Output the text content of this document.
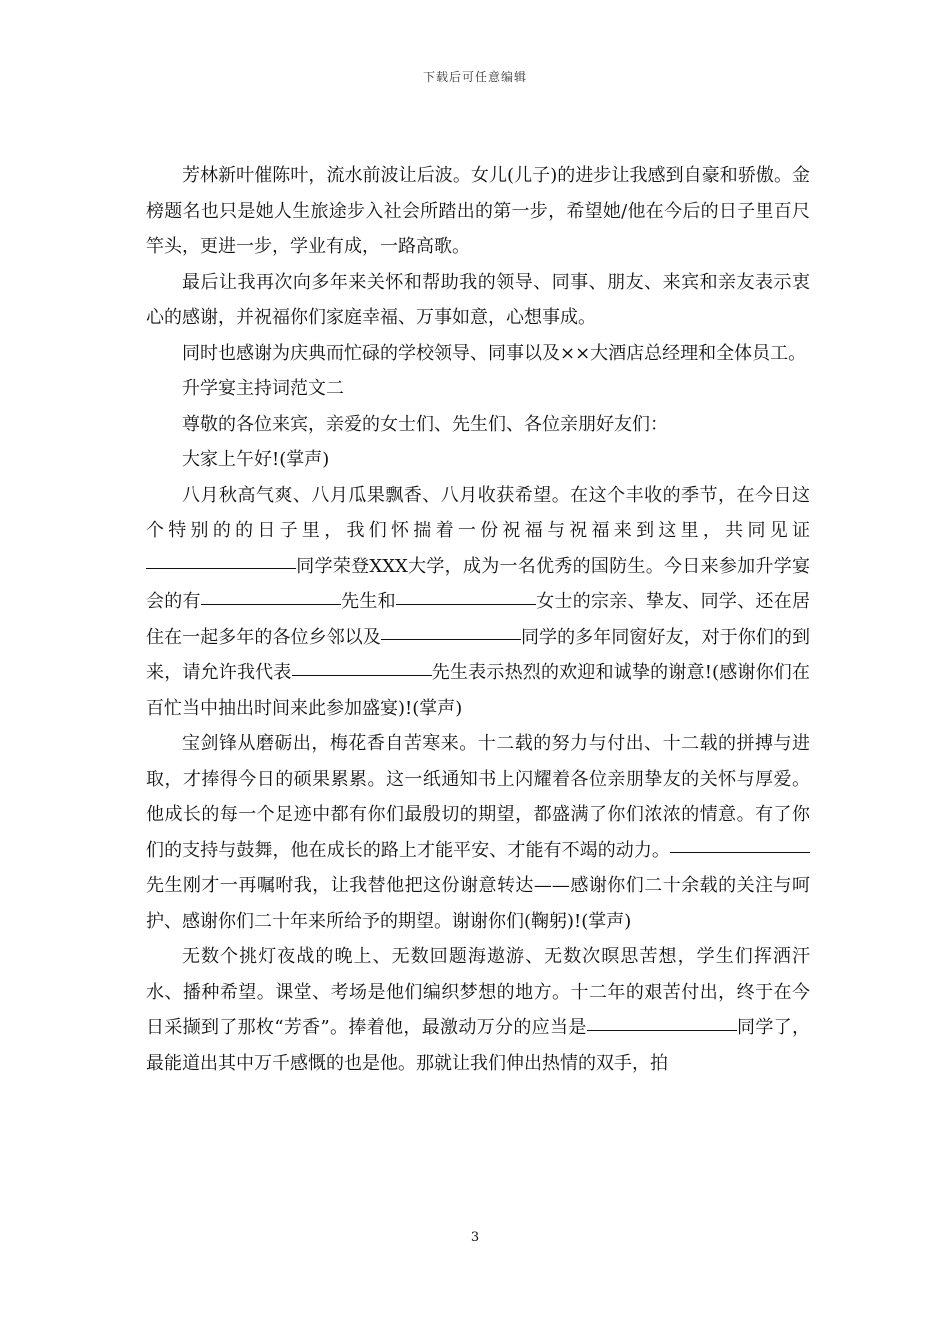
下载后可任意编辑

芳林新叶催陈叶，流水前波让后波。女儿(儿子)的进步让我感到自豪和骄傲。金榜题名也只是她人生旅途步入社会所踏出的第一步，希望她/他在今后的日子里百尺竿头，更进一步，学业有成，一路高歌。

最后让我再次向多年来关怀和帮助我的领导、同事、朋友、来宾和亲友表示衷心的感谢，并祝福你们家庭幸福、万事如意，心想事成。

同时也感谢为庆典而忙碌的学校领导、同事以及××大酒店总经理和全体员工。

升学宴主持词范文二

尊敬的各位来宾，亲爱的女士们、先生们、各位亲朋好友们：

大家上午好!(掌声)

八月秋高气爽、八月瓜果飘香、八月收获希望。在这个丰收的季节，在今日这个特别的的日子里，我们怀揣着一份祝福与祝福来到这里，共同见证同学荣登XXX大学，成为一名优秀的国防生。今日来参加升学宴会的有	先生和	女士的宗亲、挚友、同学、还在居住在一起多年的各位乡邻以及	同学的多年同窗好友，对于你们的到来，请允许我代表	先生表示热烈的欢迎和诚挚的谢意!(感谢你们在百忙当中抽出时间来此参加盛宴)!(掌声)

宝剑锋从磨砺出，梅花香自苦寒来。十二载的努力与付出、十二载的拼搏与进取，才捧得今日的硕果累累。这一纸通知书上闪耀着各位亲朋挚友的关怀与厚爱。他成长的每一个足迹中都有你们最殷切的期望，都盛满了你们浓浓的情意。有了你们的支持与鼓舞，他在成长的路上才能平安、才能有不竭的动力。先生刚才一再嘱咐我，让我替他把这份谢意转达——感谢你们二十余载的关注与呵护、感谢你们二十年来所给予的期望。谢谢你们(鞠躬)!(掌声)

无数个挑灯夜战的晚上、无数回题海遨游、无数次暝思苦想，学生们挥洒汗水、播种希望。课堂、考场是他们编织梦想的地方。十二年的艰苦付出，终于在今日采撷到了那枚“芳香”。捧着他，最激动万分的应当是	同学了，最能道出其中万千感慨的也是他。那就让我们伸出热情的双手，拍

3
